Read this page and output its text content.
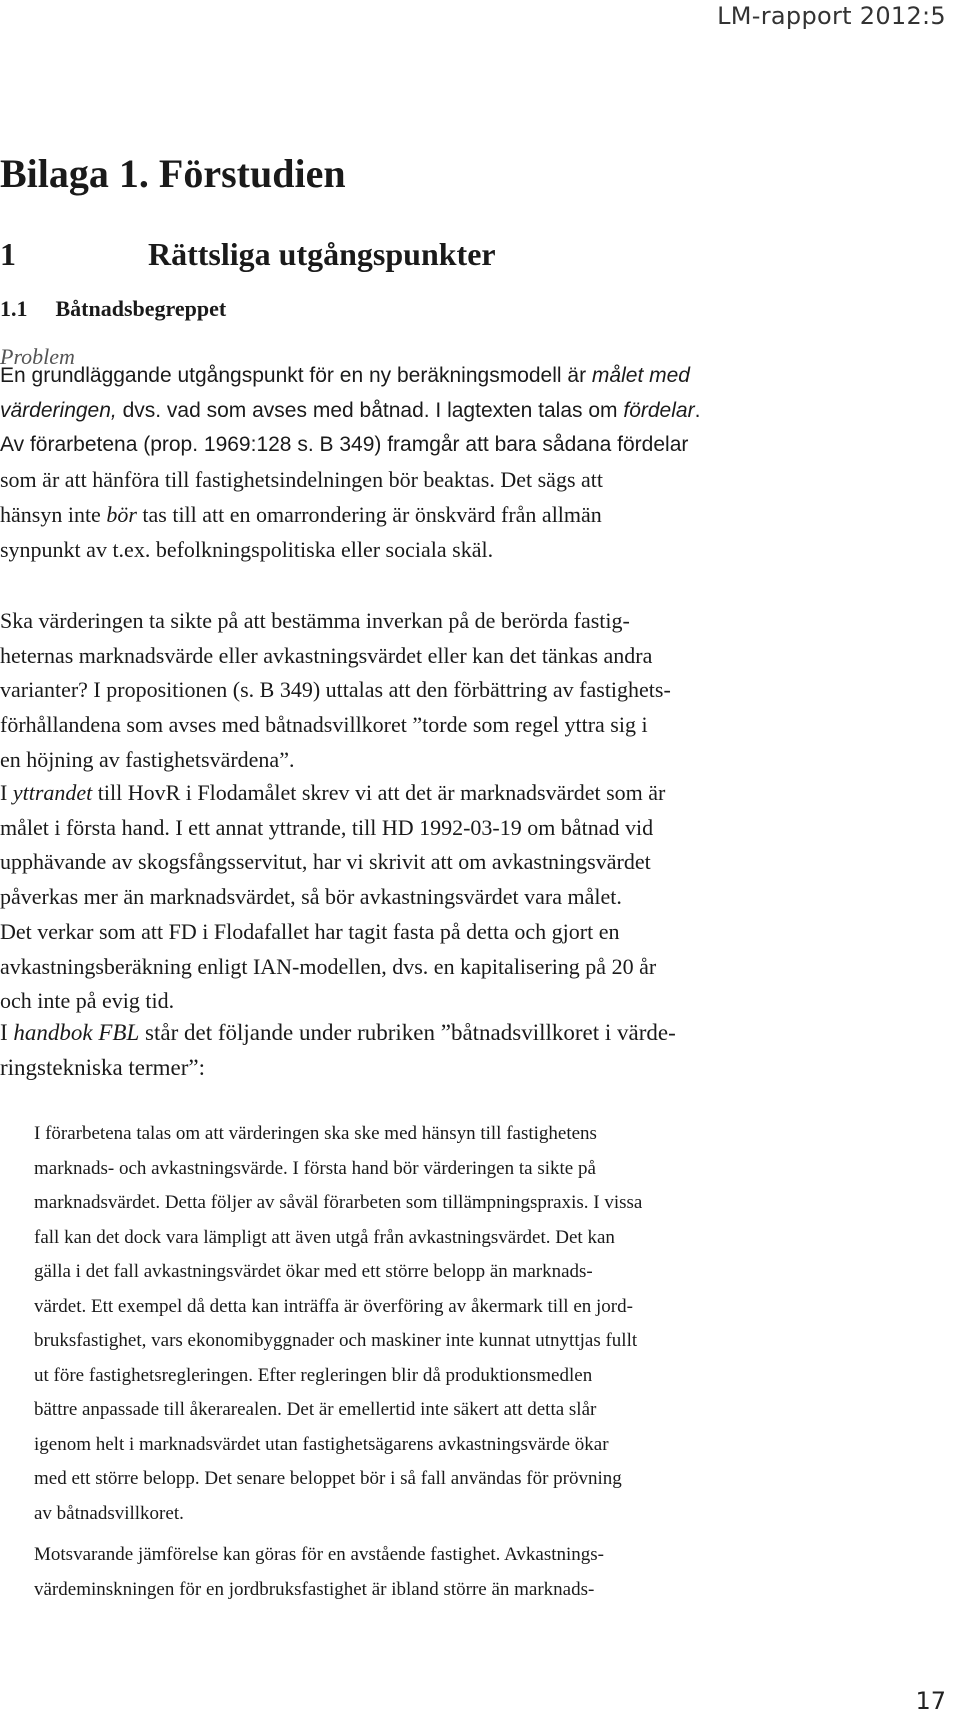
LM-rapport 2012:5
Bilaga 1. Förstudien
1	Rättsliga utgångspunkter
1.1 Båtnadsbegreppet
Problem

En grundläggande utgångspunkt för en ny beräkningsmodell är målet med
värderingen, dvs. vad som avses med båtnad. I lagtexten talas om fördelar.
Av förarbetena (prop. 1969:128 s. B 349) framgår att bara sådana fördelar
som är att hänföra till fastighetsindelningen bör beaktas. Det sägs att
hänsyn inte bör tas till att en omarrondering är önskvärd från allmän
synpunkt av t.ex. befolkningspolitiska eller sociala skäl.

Ska värderingen ta sikte på att bestämma inverkan på de berörda fastig-
heternas marknadsvärde eller avkastningsvärdet eller kan det tänkas andra
varianter? I propositionen (s. B 349) uttalas att den förbättring av fastighets-
förhållandena som avses med båtnadsvillkoret ”torde som regel yttra sig i
en höjning av fastighetsvärdena”.

I yttrandet till HovR i Flodamålet skrev vi att det är marknadsvärdet som är
målet i första hand. I ett annat yttrande, till HD 1992-03-19 om båtnad vid
upphävande av skogsfångsservitut, har vi skrivit att om avkastningsvärdet
påverkas mer än marknadsvärdet, så bör avkastningsvärdet vara målet.
Det verkar som att FD i Flodafallet har tagit fasta på detta och gjort en
avkastningsberäkning enligt IAN-modellen, dvs. en kapitalisering på 20 år
och inte på evig tid.

I handbok FBL står det följande under rubriken ”båtnadsvillkoret i värde-
ringstekniska termer”:

I förarbetena talas om att värderingen ska ske med hänsyn till fastighetens
marknads- och avkastningsvärde. I första hand bör värderingen ta sikte på
marknadsvärdet. Detta följer av såväl förarbeten som tillämpningspraxis. I vissa
fall kan det dock vara lämpligt att även utgå från avkastningsvärdet. Det kan
gälla i det fall avkastningsvärdet ökar med ett större belopp än marknads-
värdet. Ett exempel då detta kan inträffa är överföring av åkermark till en jord-
bruksfastighet, vars ekonomibyggnader och maskiner inte kunnat utnyttjas fullt
ut före fastighetsregleringen. Efter regleringen blir då produktionsmedlen
bättre anpassade till åkerarealen. Det är emellertid inte säkert att detta slår
igenom helt i marknadsvärdet utan fastighetsägarens avkastningsvärde ökar
med ett större belopp. Det senare beloppet bör i så fall användas för prövning
av båtnadsvillkoret.
Motsvarande jämförelse kan göras för en avstående fastighet. Avkastnings-
värdeminskningen för en jordbruksfastighet är ibland större än marknads-
17
